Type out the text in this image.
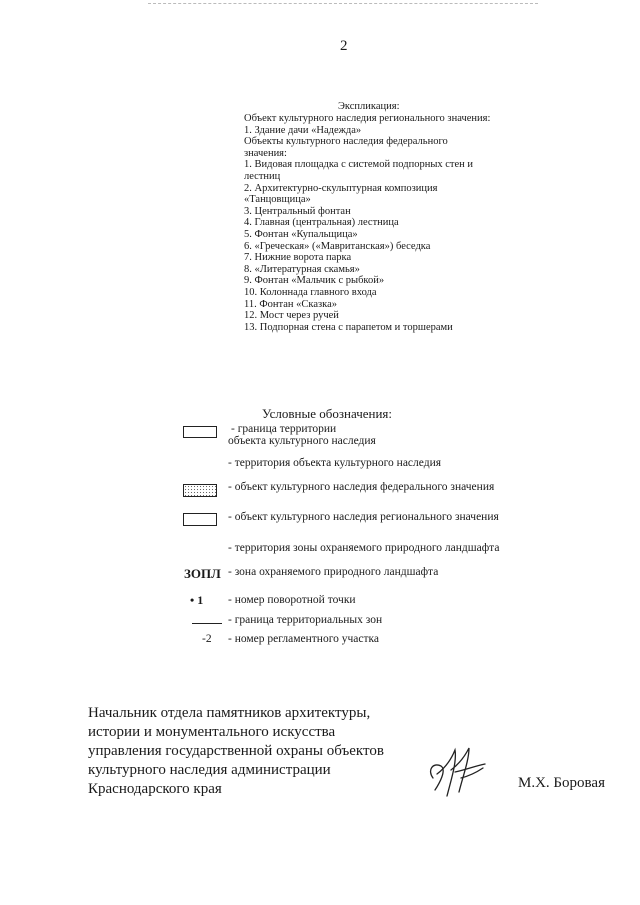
2
Экспликация:
Объект культурного наследия регионального значения:
1. Здание дачи «Надежда»
Объекты культурного наследия федерального
значения:
1. Видовая площадка с системой подпорных стен и
лестниц
2. Архитектурно-скульптурная композиция
«Танцовщица»
3. Центральный фонтан
4. Главная (центральная) лестница
5. Фонтан «Купальщица»
6. «Греческая» («Мавританская») беседка
7. Нижние ворота парка
8. «Литературная скамья»
9. Фонтан «Мальчик с рыбкой»
10. Колоннада главного входа
11. Фонтан «Сказка»
12. Мост через ручей
13. Подпорная стена с парапетом и торшерами
Условные обозначения:
- граница территории
объекта культурного наследия
- территория объекта культурного наследия
- объект культурного наследия федерального значения
- объект культурного наследия регионального значения
- территория зоны охраняемого природного ландшафта
ЗОПЛ - зона охраняемого природного ландшафта
• 1 - номер поворотной точки
- граница территориальных зон
-2 - номер регламентного участка
Начальник отдела памятников архитектуры,
истории и монументального искусства
управления государственной охраны объектов
культурного наследия администрации
Краснодарского края	М.Х. Боровая
